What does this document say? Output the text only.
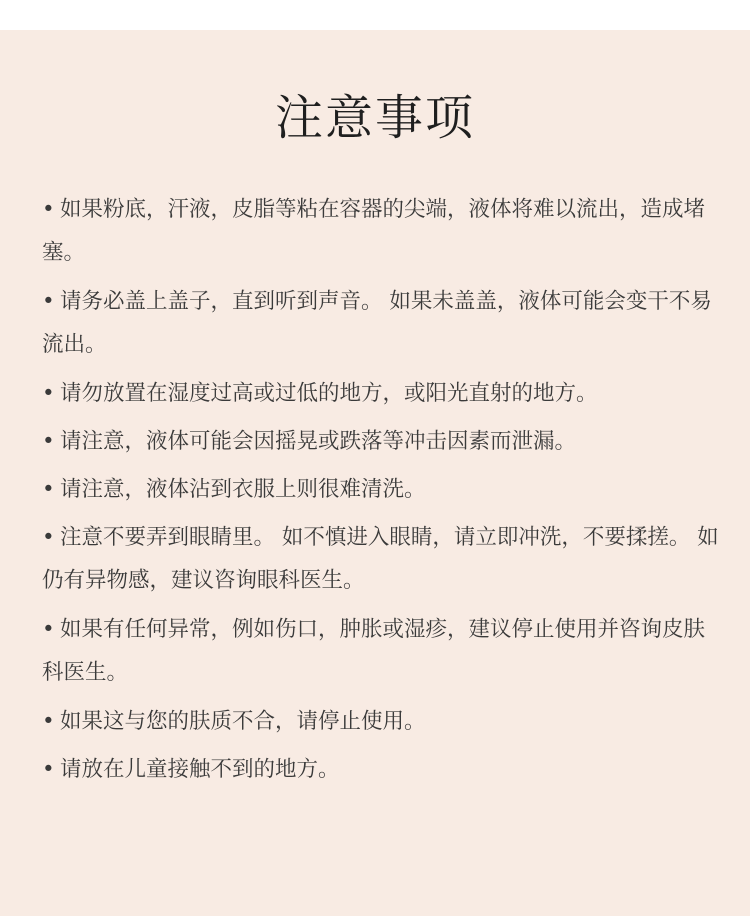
注意事项
• 如果粉底，汗液，皮脂等粘在容器的尖端，液体将难以流出，造成堵塞。
• 请务必盖上盖子，直到听到声音。 如果未盖盖，液体可能会变干不易流出。
• 请勿放置在湿度过高或过低的地方，或阳光直射的地方。
• 请注意，液体可能会因摇晃或跌落等冲击因素而泄漏。
• 请注意，液体沾到衣服上则很难清洗。
• 注意不要弄到眼睛里。 如不慎进入眼睛，请立即冲洗，不要揉搓。 如仍有异物感，建议咨询眼科医生。
• 如果有任何异常，例如伤口，肿胀或湿疹，建议停止使用并咨询皮肤科医生。
• 如果这与您的肤质不合，请停止使用。
• 请放在儿童接触不到的地方。
